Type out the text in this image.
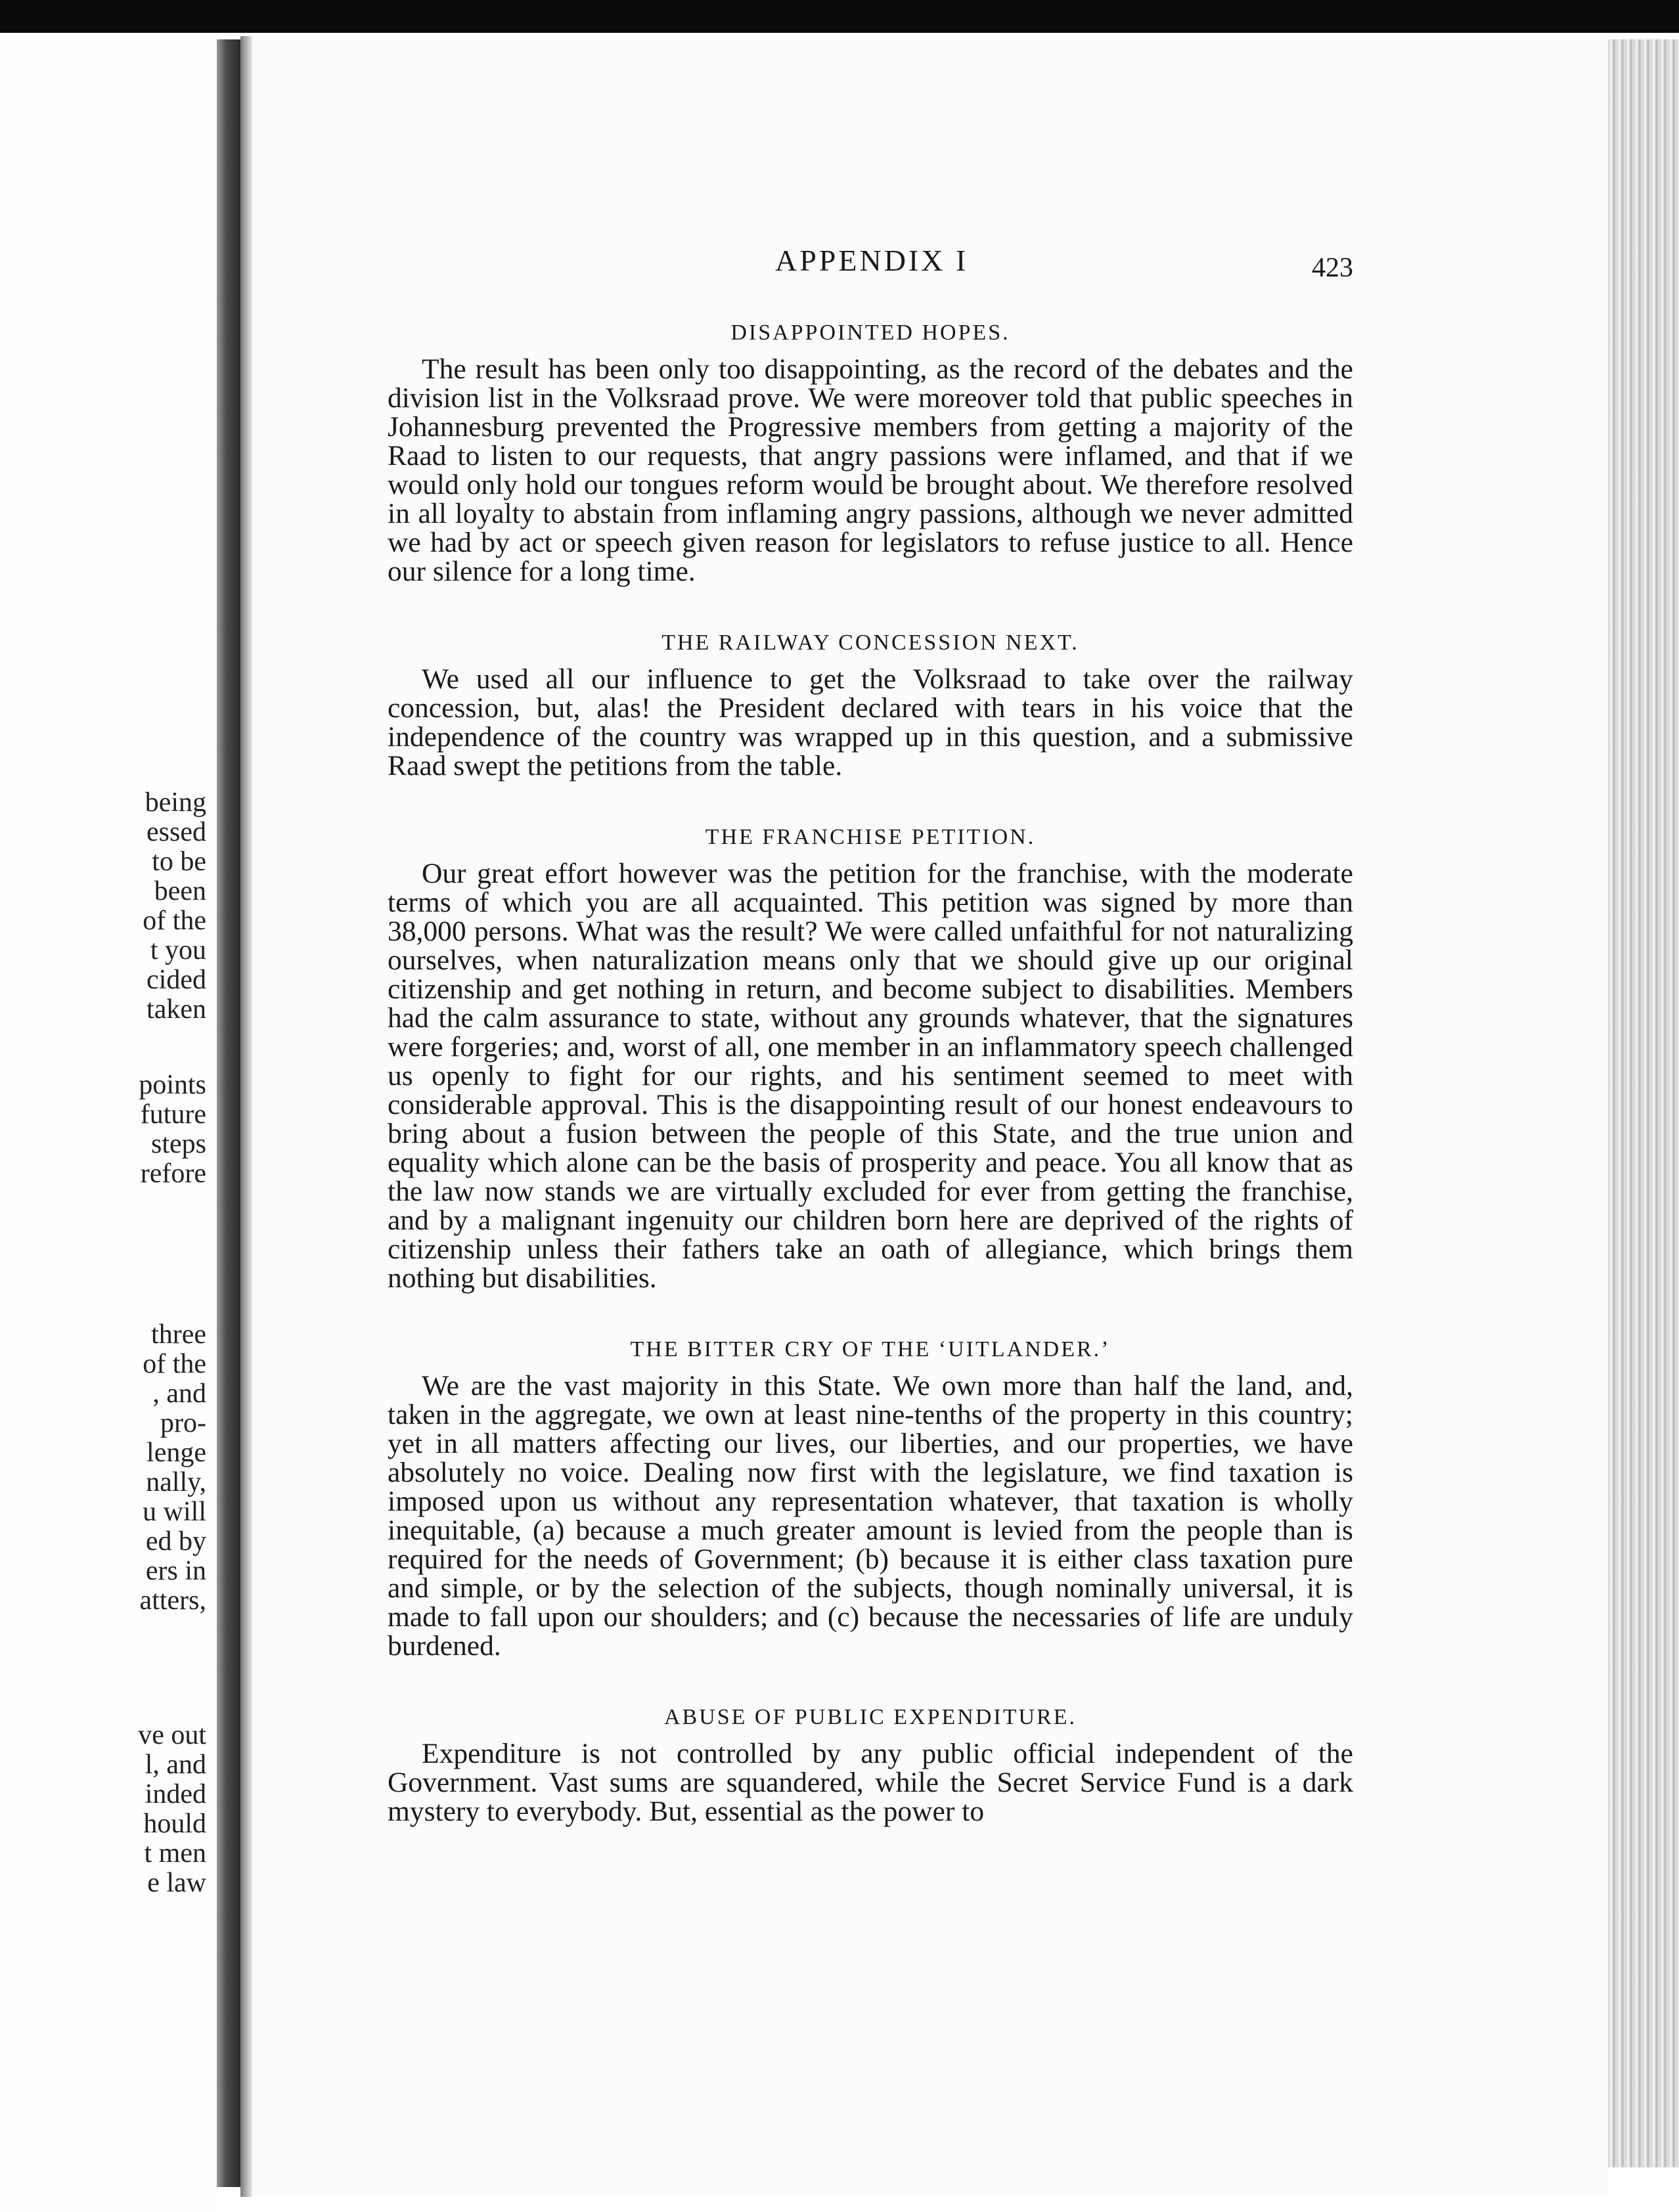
being
essed
to be
been
of the
t you
cided
taken
points
future
steps
refore
three
of the
, and
pro-
lenge
nally,
u will
ed by
ers in
atters,
ve out
l, and
inded
hould
t men
e law
APPENDIX I	423
DISAPPOINTED HOPES.

The result has been only too disappointing, as the record of the debates and the division list in the Volksraad prove. We were moreover told that public speeches in Johannesburg prevented the Progressive members from getting a majority of the Raad to listen to our requests, that angry passions were inflamed, and that if we would only hold our tongues reform would be brought about. We therefore resolved in all loyalty to abstain from inflaming angry passions, although we never admitted we had by act or speech given reason for legislators to refuse justice to all. Hence our silence for a long time.

THE RAILWAY CONCESSION NEXT.

We used all our influence to get the Volksraad to take over the railway concession, but, alas! the President declared with tears in his voice that the independence of the country was wrapped up in this question, and a submissive Raad swept the petitions from the table.

THE FRANCHISE PETITION.

Our great effort however was the petition for the franchise, with the moderate terms of which you are all acquainted. This petition was signed by more than 38,000 persons. What was the result? We were called unfaithful for not naturalizing ourselves, when naturalization means only that we should give up our original citizenship and get nothing in return, and become subject to disabilities. Members had the calm assurance to state, without any grounds whatever, that the signatures were forgeries; and, worst of all, one member in an inflammatory speech challenged us openly to fight for our rights, and his sentiment seemed to meet with considerable approval. This is the disappointing result of our honest endeavours to bring about a fusion between the people of this State, and the true union and equality which alone can be the basis of prosperity and peace. You all know that as the law now stands we are virtually excluded for ever from getting the franchise, and by a malignant ingenuity our children born here are deprived of the rights of citizenship unless their fathers take an oath of allegiance, which brings them nothing but disabilities.

THE BITTER CRY OF THE ‘UITLANDER.’

We are the vast majority in this State. We own more than half the land, and, taken in the aggregate, we own at least nine-tenths of the property in this country; yet in all matters affecting our lives, our liberties, and our properties, we have absolutely no voice. Dealing now first with the legislature, we find taxation is imposed upon us without any representation whatever, that taxation is wholly inequitable, (a) because a much greater amount is levied from the people than is required for the needs of Government; (b) because it is either class taxation pure and simple, or by the selection of the subjects, though nominally universal, it is made to fall upon our shoulders; and (c) because the necessaries of life are unduly burdened.

ABUSE OF PUBLIC EXPENDITURE.

Expenditure is not controlled by any public official independent of the Government. Vast sums are squandered, while the Secret Service Fund is a dark mystery to everybody. But, essential as the power to
